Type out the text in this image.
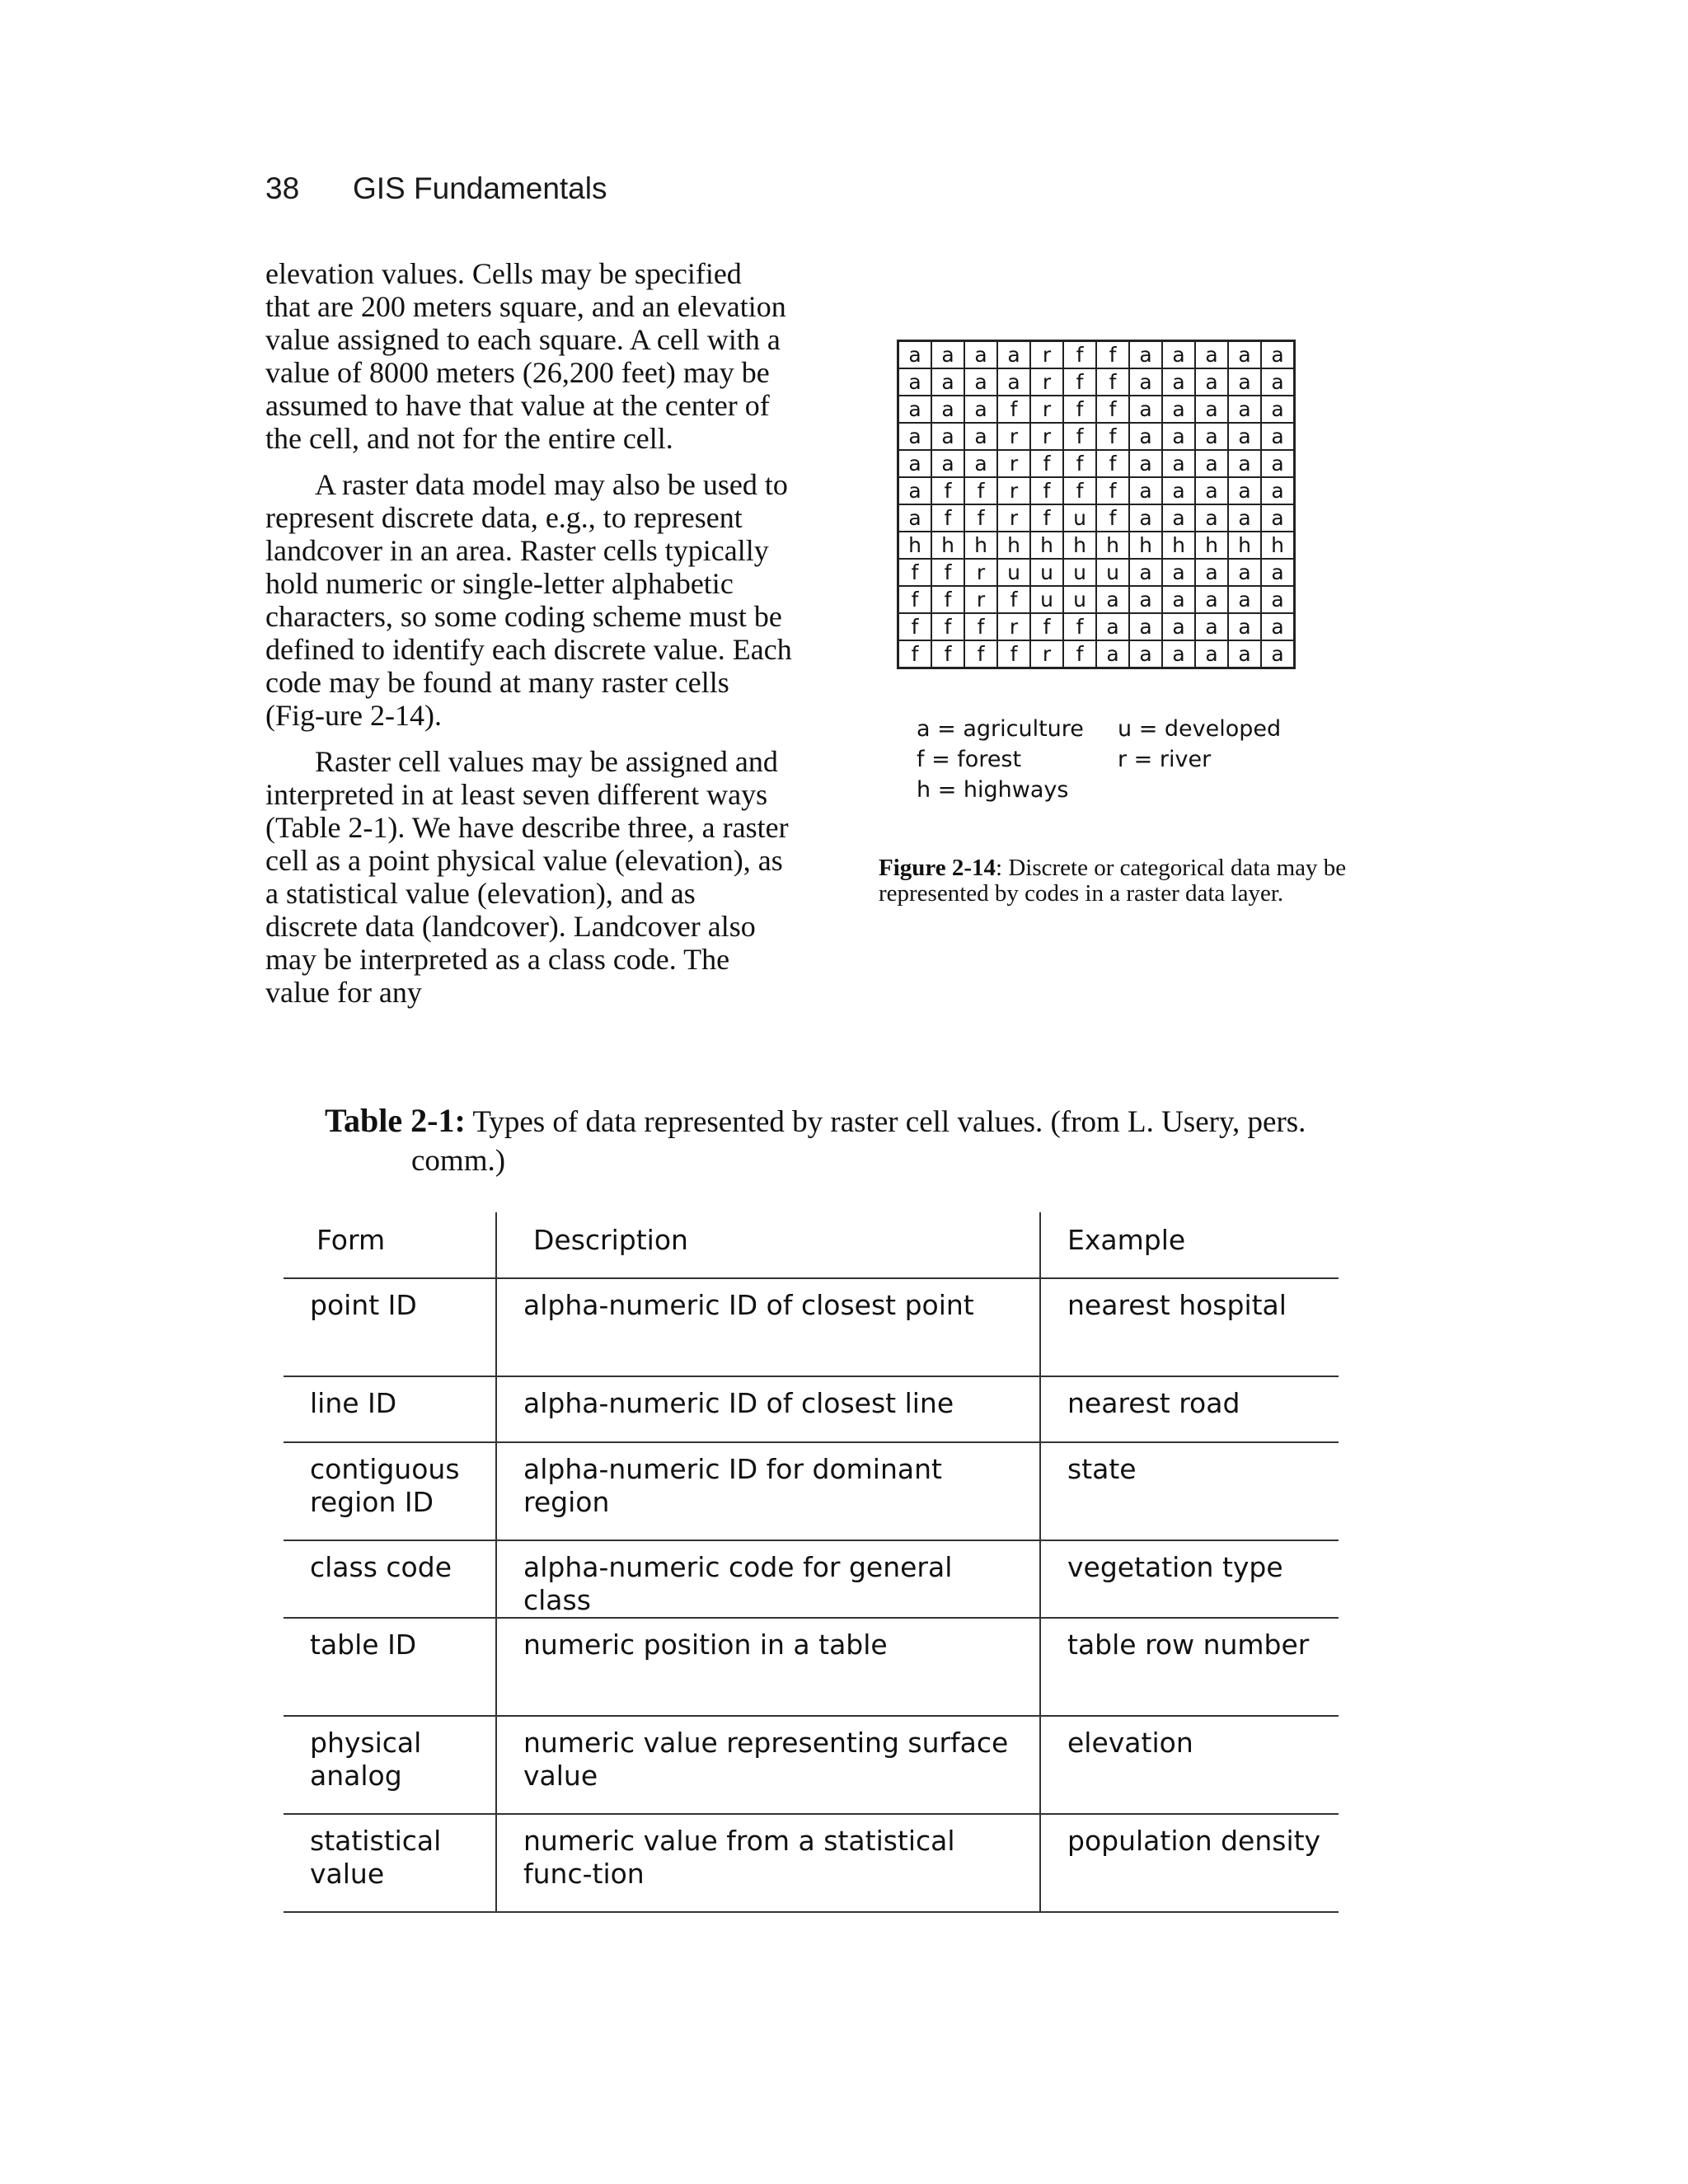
38 GIS Fundamentals

elevation values. Cells may be specified that are 200 meters square, and an elevation value assigned to each square. A cell with a value of 8000 meters (26,200 feet) may be assumed to have that value at the center of the cell, and not for the entire cell.

A raster data model may also be used to represent discrete data, e.g., to represent landcover in an area. Raster cells typically hold numeric or single-letter alphabetic characters, so some coding scheme must be defined to identify each discrete value. Each code may be found at many raster cells (Fig-ure 2-14).

Raster cell values may be assigned and interpreted in at least seven different ways (Table 2-1). We have describe three, a raster cell as a point physical value (elevation), as a statistical value (elevation), and as discrete data (landcover). Landcover also may be interpreted as a class code. The value for any

a	a	a	a	r	f	f	a	a	a	a	a
a	a	a	a	r	f	f	a	a	a	a	a
a	a	a	f	r	f	f	a	a	a	a	a
a	a	a	r	r	f	f	a	a	a	a	a
a	a	a	r	f	f	f	a	a	a	a	a
a	f	f	r	f	f	f	a	a	a	a	a
a	f	f	r	f	u	f	a	a	a	a	a
h	h	h	h	h	h	h	h	h	h	h	h
f	f	r	u	u	u	u	a	a	a	a	a
f	f	r	f	u	u	a	a	a	a	a	a
f	f	f	r	f	f	a	a	a	a	a	a
f	f	f	f	r	f	a	a	a	a	a	a
a = agriculture
f = forest
h = highways
u = developed
r = river
Figure 2-14: Discrete or categorical data may be represented by codes in a raster data layer.
Table 2-1: Types of data represented by raster cell values. (from L. Usery, pers.
comm.)
Form	Description	Example
point ID	alpha-numeric ID of closest point	nearest hospital
line ID	alpha-numeric ID of closest line	nearest road
contiguous region ID	alpha-numeric ID for dominant region	state
class code	alpha-numeric code for general class	vegetation type
table ID	numeric position in a table	table row number
physical analog	numeric value representing surface value	elevation
statistical value	numeric value from a statistical func-tion	population density
